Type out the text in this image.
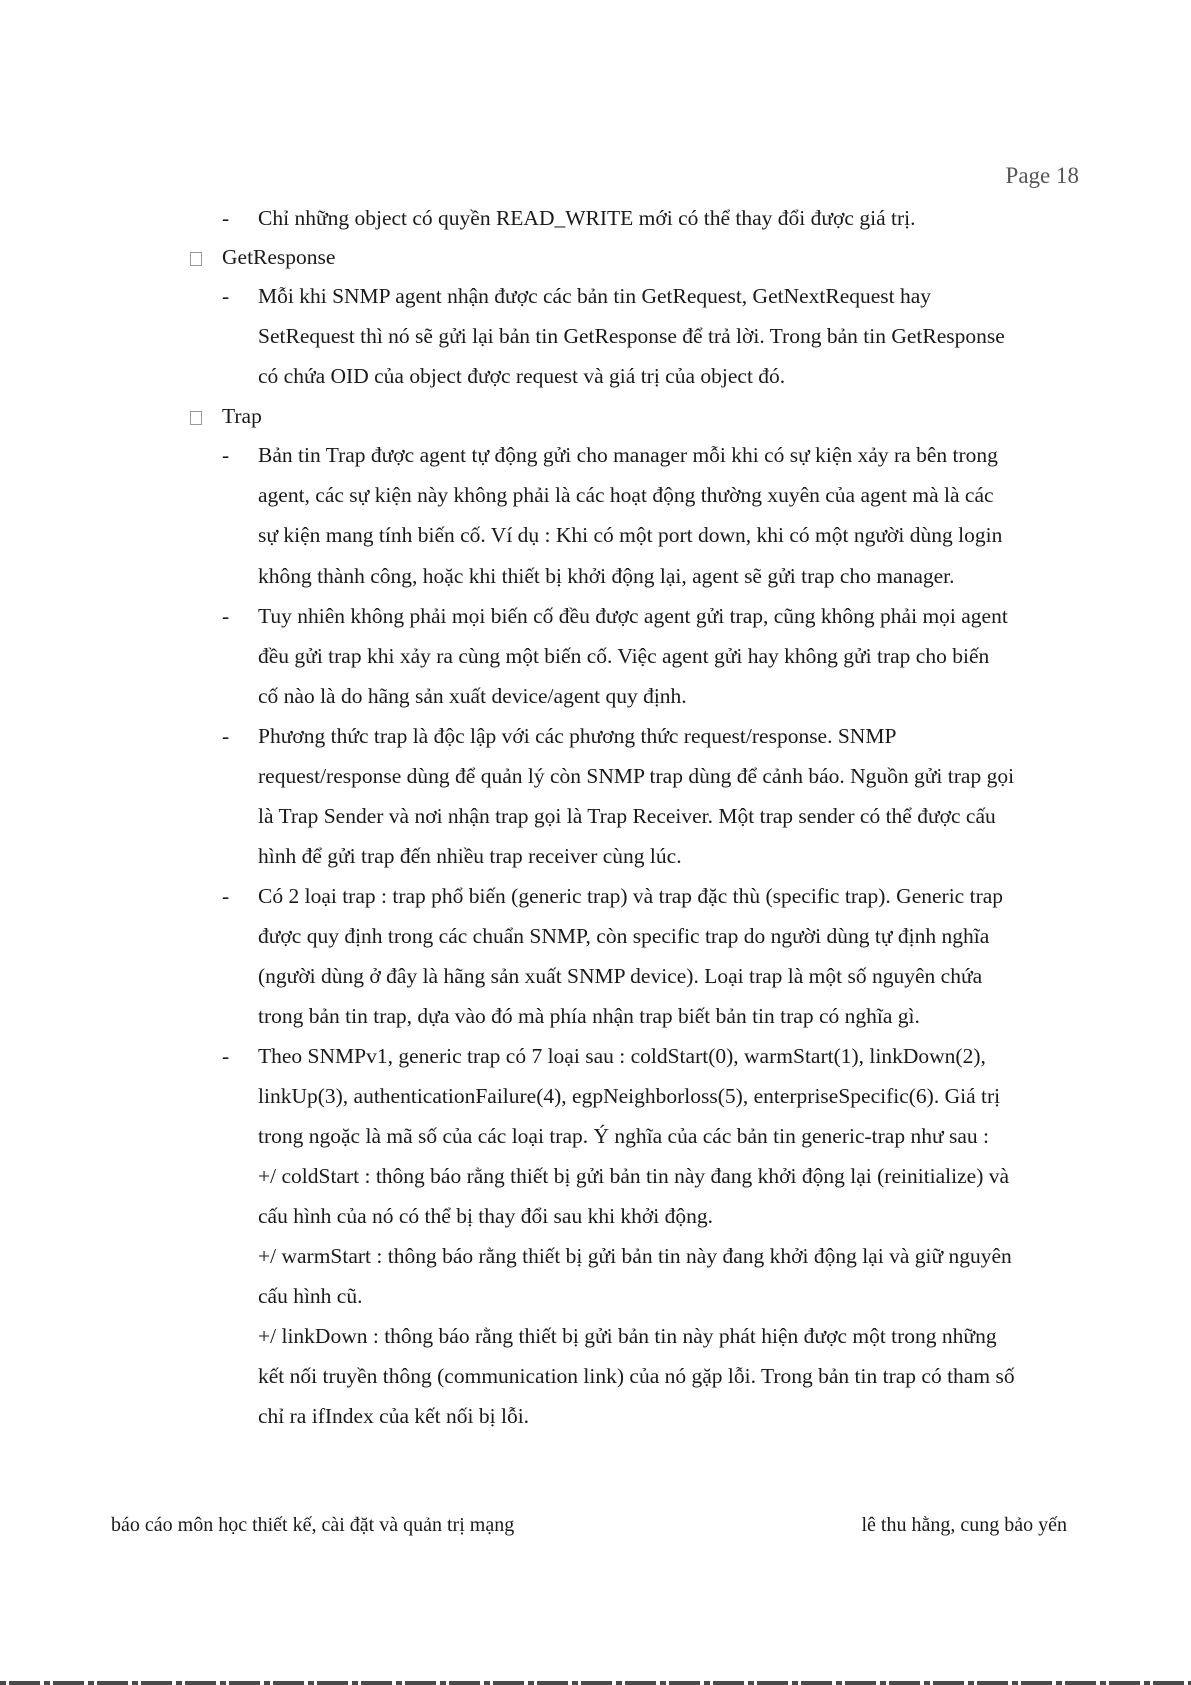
Page 18
- Chỉ những object có quyền READ_WRITE mới có thể thay đổi được giá trị.
GetResponse
- Mỗi khi SNMP agent nhận được các bản tin GetRequest, GetNextRequest hay
SetRequest thì nó sẽ gửi lại bản tin GetResponse để trả lời. Trong bản tin GetResponse
có chứa OID của object được request và giá trị của object đó.
Trap
- Bản tin Trap được agent tự động gửi cho manager mỗi khi có sự kiện xảy ra bên trong
agent, các sự kiện này không phải là các hoạt động thường xuyên của agent mà là các
sự kiện mang tính biến cố. Ví dụ : Khi có một port down, khi có một người dùng login
không thành công, hoặc khi thiết bị khởi động lại, agent sẽ gửi trap cho manager.
- Tuy nhiên không phải mọi biến cố đều được agent gửi trap, cũng không phải mọi agent
đều gửi trap khi xảy ra cùng một biến cố. Việc agent gửi hay không gửi trap cho biến
cố nào là do hãng sản xuất device/agent quy định.
- Phương thức trap là độc lập với các phương thức request/response. SNMP
request/response dùng để quản lý còn SNMP trap dùng để cảnh báo. Nguồn gửi trap gọi
là Trap Sender và nơi nhận trap gọi là Trap Receiver. Một trap sender có thể được cấu
hình để gửi trap đến nhiều trap receiver cùng lúc.
- Có 2 loại trap : trap phổ biến (generic trap) và trap đặc thù (specific trap). Generic trap
được quy định trong các chuẩn SNMP, còn specific trap do người dùng tự định nghĩa
(người dùng ở đây là hãng sản xuất SNMP device). Loại trap là một số nguyên chứa
trong bản tin trap, dựa vào đó mà phía nhận trap biết bản tin trap có nghĩa gì.
- Theo SNMPv1, generic trap có 7 loại sau : coldStart(0), warmStart(1), linkDown(2),
linkUp(3), authenticationFailure(4), egpNeighborloss(5), enterpriseSpecific(6). Giá trị
trong ngoặc là mã số của các loại trap. Ý nghĩa của các bản tin generic-trap như sau :
+/ coldStart : thông báo rằng thiết bị gửi bản tin này đang khởi động lại (reinitialize) và
cấu hình của nó có thể bị thay đổi sau khi khởi động.
+/ warmStart : thông báo rằng thiết bị gửi bản tin này đang khởi động lại và giữ nguyên
cấu hình cũ.
+/ linkDown : thông báo rằng thiết bị gửi bản tin này phát hiện được một trong những
kết nối truyền thông (communication link) của nó gặp lỗi. Trong bản tin trap có tham số
chỉ ra ifIndex của kết nối bị lỗi.
báo cáo môn học thiết kế, cài đặt và quản trị mạng	lê thu hằng, cung bảo yến
